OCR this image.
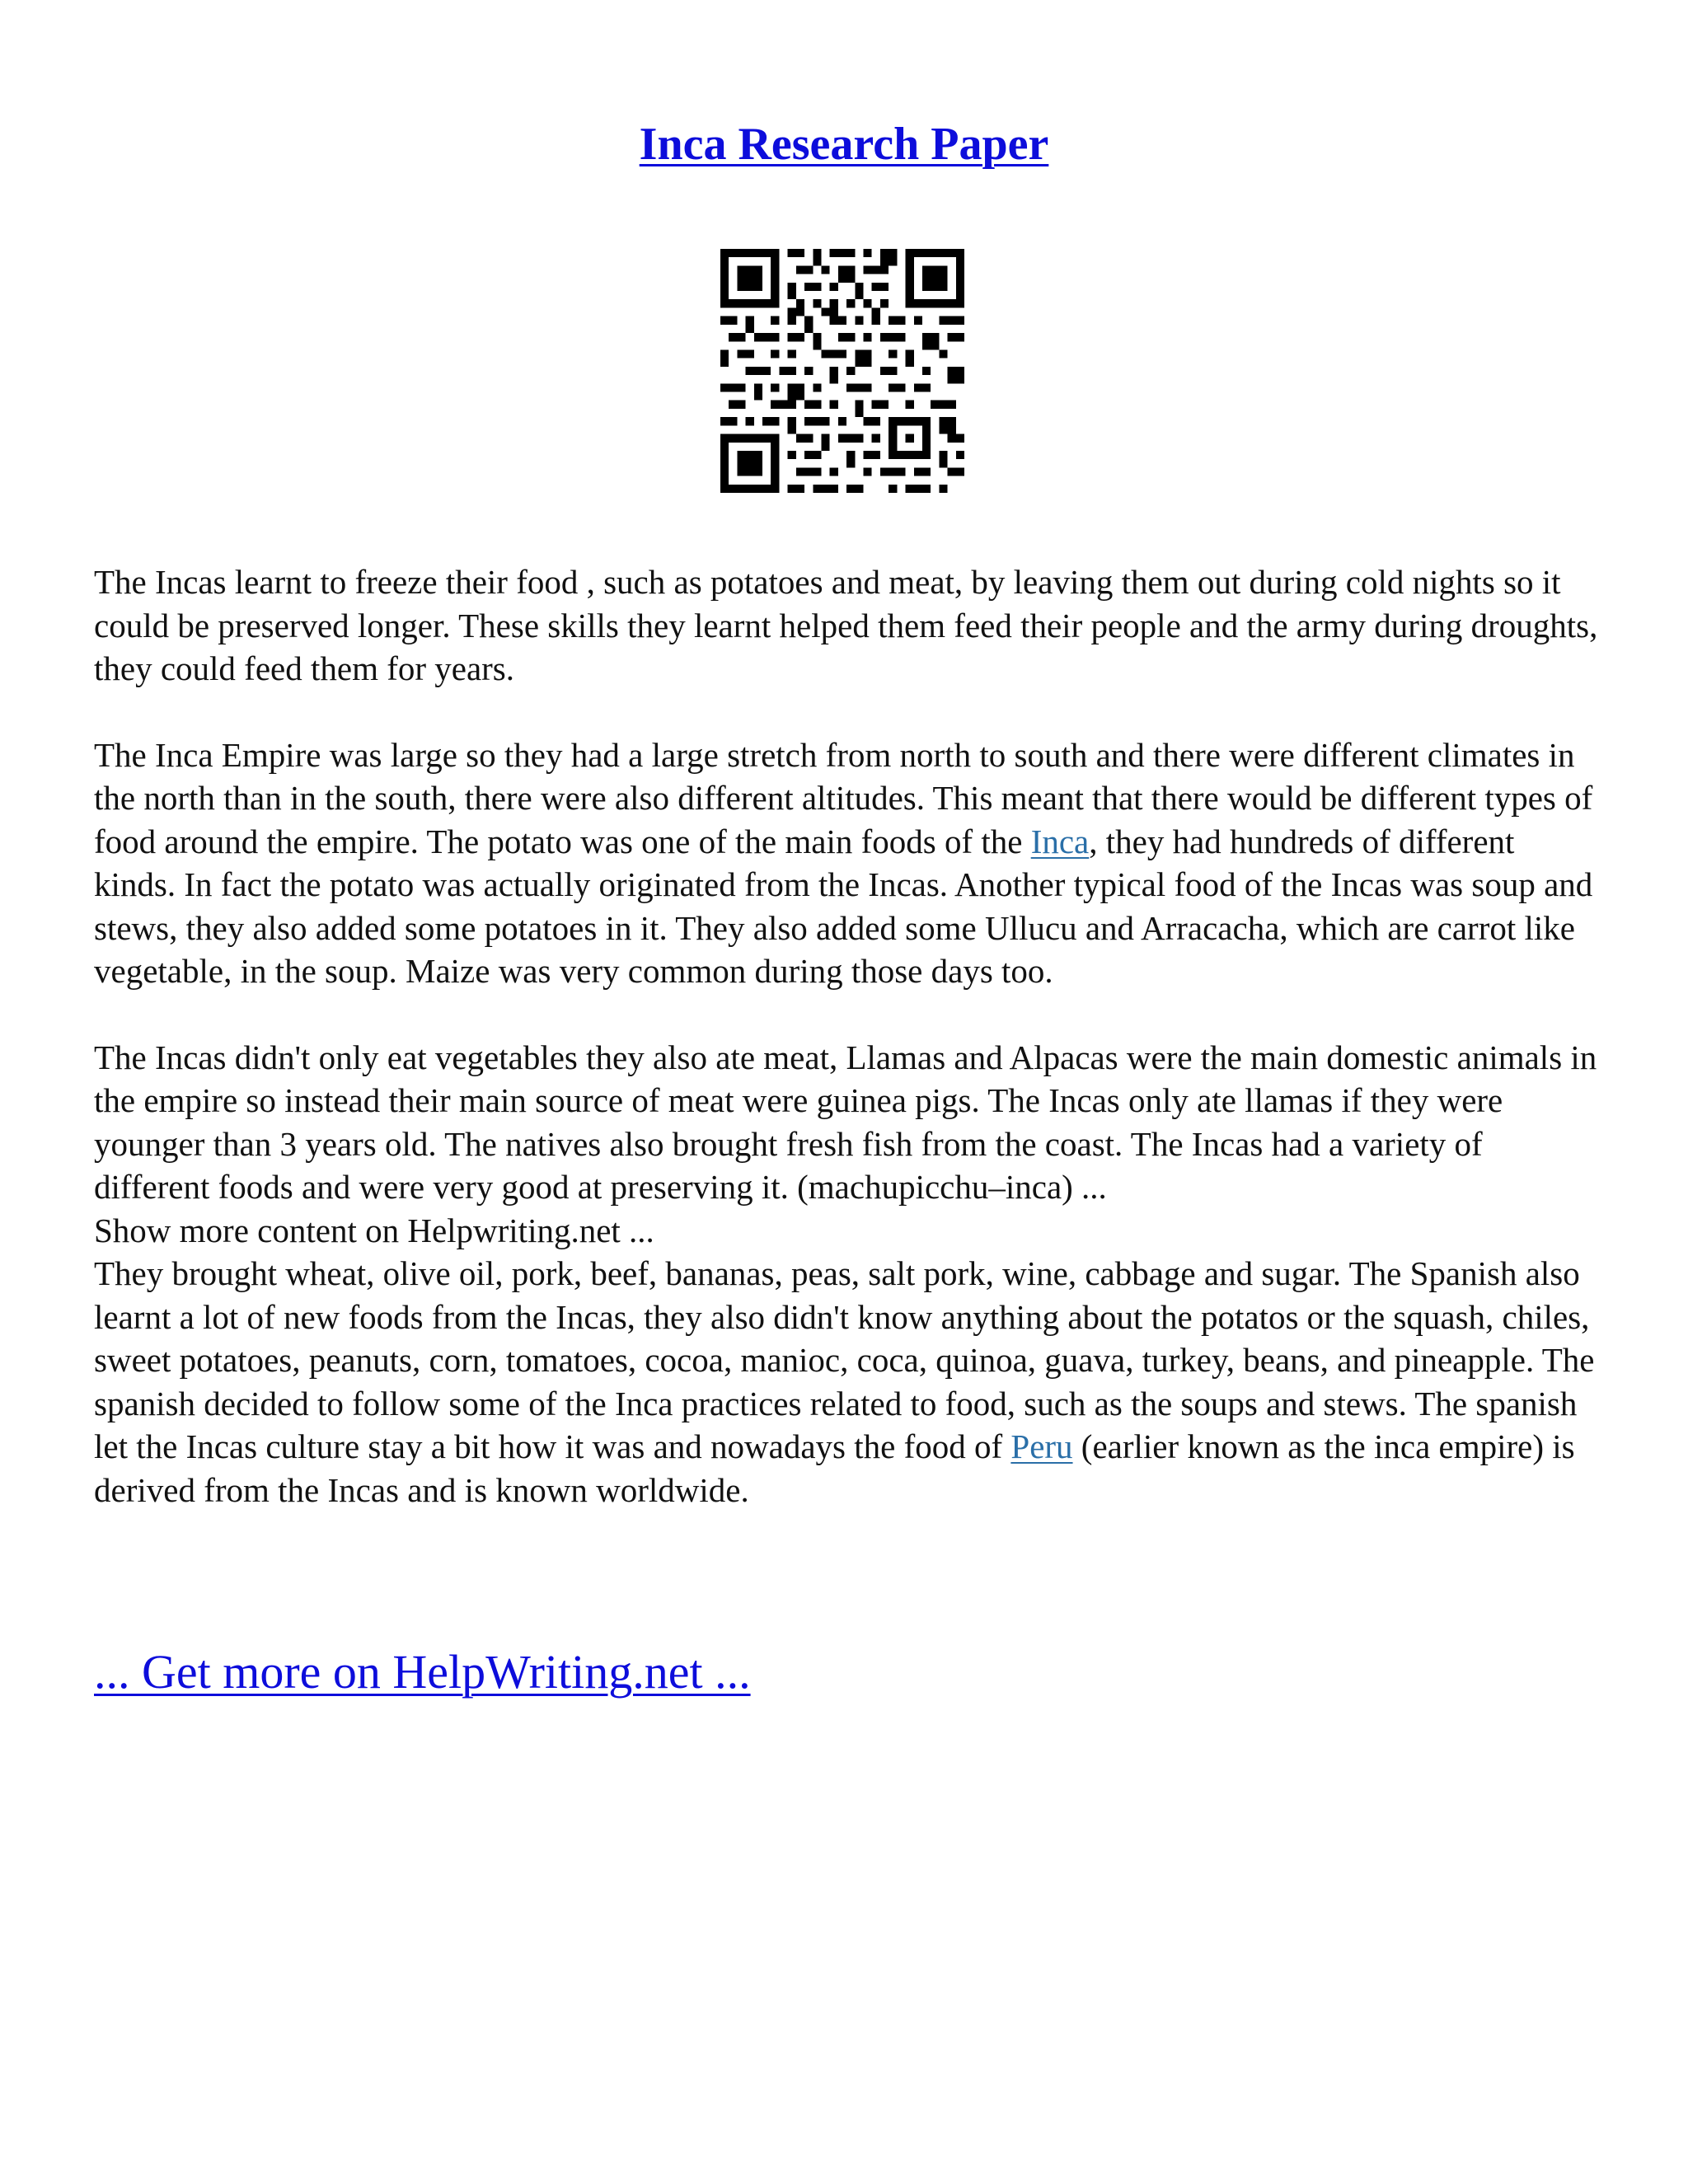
Inca Research Paper

The Incas learnt to freeze their food , such as potatoes and meat, by leaving them out during cold nights so it could be preserved longer. These skills they learnt helped them feed their people and the army during droughts, they could feed them for years.

The Inca Empire was large so they had a large stretch from north to south and there were different climates in the north than in the south, there were also different altitudes. This meant that there would be different types of food around the empire. The potato was one of the main foods of the Inca, they had hundreds of different kinds. In fact the potato was actually originated from the Incas. Another typical food of the Incas was soup and stews, they also added some potatoes in it. They also added some Ullucu and Arracacha, which are carrot like vegetable, in the soup. Maize was very common during those days too.

The Incas didn't only eat vegetables they also ate meat, Llamas and Alpacas were the main domestic animals in the empire so instead their main source of meat were guinea pigs. The Incas only ate llamas if they were younger than 3 years old. The natives also brought fresh fish from the coast. The Incas had a variety of different foods and were very good at preserving it. (machupicchu–inca) ...
Show more content on Helpwriting.net ...

They brought wheat, olive oil, pork, beef, bananas, peas, salt pork, wine, cabbage and sugar. The Spanish also learnt a lot of new foods from the Incas, they also didn't know anything about the potatos or the squash, chiles, sweet potatoes, peanuts, corn, tomatoes, cocoa, manioc, coca, quinoa, guava, turkey, beans, and pineapple. The spanish decided to follow some of the Inca practices related to food, such as the soups and stews. The spanish let the Incas culture stay a bit how it was and nowadays the food of Peru (earlier known as the inca empire) is derived from the Incas and is known worldwide.

... Get more on HelpWriting.net ...
